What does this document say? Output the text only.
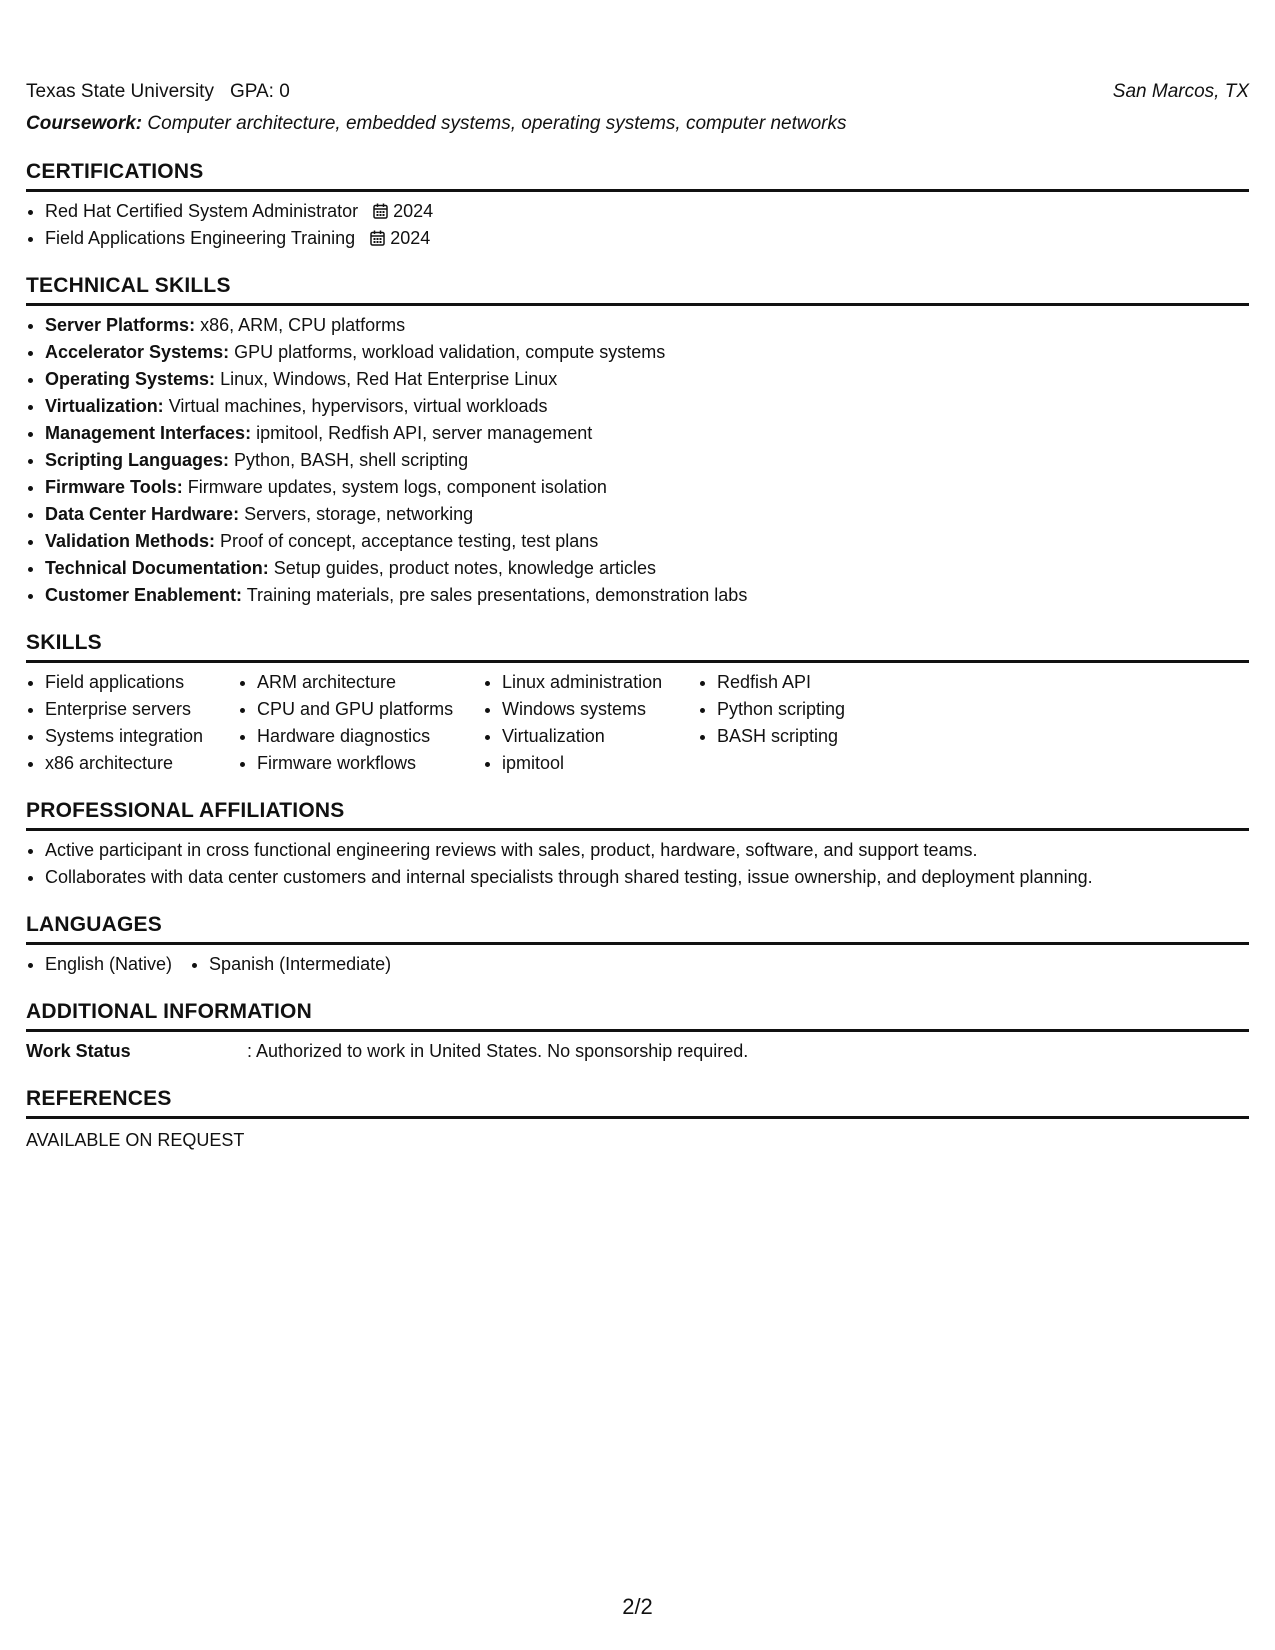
Texas State University GPA: 0	San Marcos, TX
Coursework: Computer architecture, embedded systems, operating systems, computer networks
CERTIFICATIONS
• Red Hat Certified System Administrator 2024
• Field Applications Engineering Training 2024
TECHNICAL SKILLS
• Server Platforms: x86, ARM, CPU platforms
• Accelerator Systems: GPU platforms, workload validation, compute systems
• Operating Systems: Linux, Windows, Red Hat Enterprise Linux
• Virtualization: Virtual machines, hypervisors, virtual workloads
• Management Interfaces: ipmitool, Redfish API, server management
• Scripting Languages: Python, BASH, shell scripting
• Firmware Tools: Firmware updates, system logs, component isolation
• Data Center Hardware: Servers, storage, networking
• Validation Methods: Proof of concept, acceptance testing, test plans
• Technical Documentation: Setup guides, product notes, knowledge articles
• Customer Enablement: Training materials, pre sales presentations, demonstration labs
SKILLS
• Field applications
• Enterprise servers
• Systems integration
• x86 architecture
• ARM architecture
• CPU and GPU platforms
• Hardware diagnostics
• Firmware workflows
• Linux administration
• Windows systems
• Virtualization
• ipmitool
• Redfish API
• Python scripting
• BASH scripting
PROFESSIONAL AFFILIATIONS
• Active participant in cross functional engineering reviews with sales, product, hardware, software, and support teams.
• Collaborates with data center customers and internal specialists through shared testing, issue ownership, and deployment planning.
LANGUAGES
• English (Native)
• Spanish (Intermediate)
ADDITIONAL INFORMATION
Work Status	: Authorized to work in United States. No sponsorship required.
REFERENCES
AVAILABLE ON REQUEST
2/2
